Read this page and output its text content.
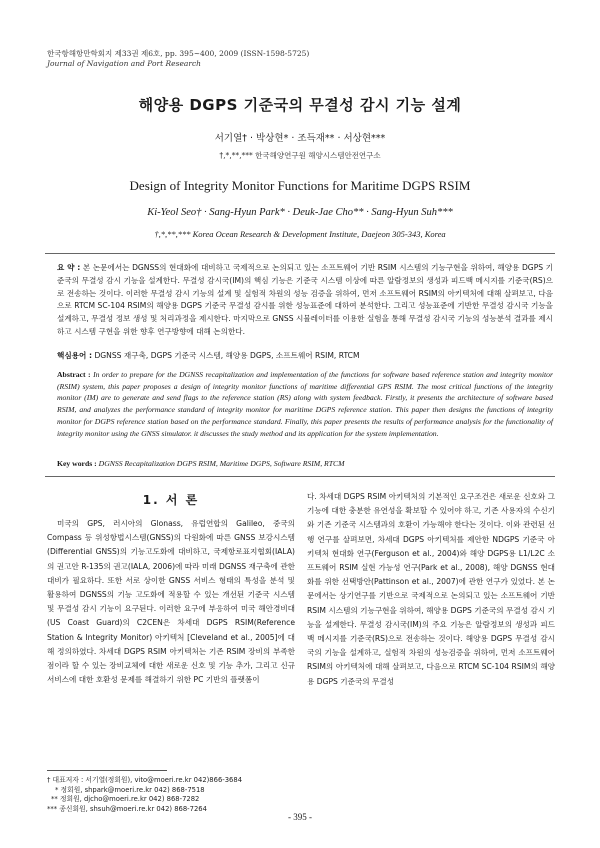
한국항해항만학회지 제33권 제6호, pp. 395~400, 2009 (ISSN-1598-5725)
Journal of Navigation and Port Research
해양용 DGPS 기준국의 무결성 감시 기능 설계
서기열† · 박상현* · 조득재** · 서상현***
†,*,**,*** 한국해양연구원 해양시스템안전연구소
Design of Integrity Monitor Functions for Maritime DGPS RSIM
Ki-Yeol Seo† · Sang-Hyun Park* · Deuk-Jae Cho** · Sang-Hyun Suh***
†,*,**,*** Korea Ocean Research & Development Institute, Daejeon 305-343, Korea
요 약 : 본 논문에서는 DGNSS의 현대화에 대비하고 국제적으로 논의되고 있는 소프트웨어 기반 RSIM 시스템의 기능구현을 위하여, 해양용 DGPS 기준국의 무결성 감시 기능을 설계한다. 무결성 감시국(IM)의 핵심 기능은 기준국 시스템 이상에 따른 알람정보의 생성과 피드백 메시지를 기준국(RS)으로 전송하는 것이다. 이러한 무결성 감시 기능의 설계 및 실험적 차원의 성능 검증을 위하여, 먼저 소프트웨어 RSIM의 아키텍처에 대해 살펴보고, 다음으로 RTCM SC-104 RSIM의 해양용 DGPS 기준국 무결성 감시를 위한 성능표준에 대하여 분석한다. 그리고 성능표준에 기반한 무결성 감시국 기능을 설계하고, 무결성 정보 생성 및 처리과정을 제시한다. 마지막으로 GNSS 시뮬레이터를 이용한 실험을 통해 무결성 감시국 기능의 성능분석 결과를 제시하고 시스템 구현을 위한 향후 연구방향에 대해 논의한다.
핵심용어 : DGNSS 재구축, DGPS 기준국 시스템, 해양용 DGPS, 소프트웨어 RSIM, RTCM
Abstract : In order to prepare for the DGNSS recapitalization and implementation of the functions for software based reference station and integrity monitor (RSIM) system, this paper proposes a design of integrity monitor functions of maritime differential GPS RSIM. The most critical functions of the integrity monitor (IM) are to generate and send flags to the reference station (RS) along with system feedback. Firstly, it presents the architecture of software based RSIM, and analyzes the performance standard of integrity monitor for maritime DGPS reference station. This paper then designs the functions of integrity monitor for DGPS reference station based on the performance standard. Finally, this paper presents the results of performance analysis for the functionality of integrity monitor using the GNSS simulator. it discusses the study method and its application for the system implementation.
Key words : DGNSS Recapitalization DGPS RSIM, Maritime DGPS, Software RSIM, RTCM
1. 서 론

미국의 GPS, 러시아의 Glonass, 유럽연합의 Galileo, 중국의 Compass 등 위성항법시스템(GNSS)의 다원화에 따른 GNSS 보강시스템(Differential GNSS)의 기능고도화에 대비하고, 국제항로표지협회(IALA)의 권고안 R-135의 권고(IALA, 2006)에 따라 미래 DGNSS 재구축에 관한 대비가 필요하다. 또한 서로 상이한 GNSS 서비스 형태의 특성을 분석 및 활용하여 DGNSS의 기능 고도화에 적용할 수 있는 개선된 기준국 시스템 및 무결성 감시 기능이 요구된다. 이러한 요구에 부응하여 미국 해안경비대(US Coast Guard)의 C2CEN은 차세대 DGPS RSIM(Reference Station & Integrity Monitor) 아키텍처 [Cleveland et al., 2005]에 대해 정의하였다. 차세대 DGPS RSIM 아키텍처는 기존 RSIM 장비의 부족한 점이라 할 수 있는 장비교체에 대한 새로운 신호 및 기능 추가, 그리고 신규 서비스에 대한 호환성 문제를 해결하기 위한 PC 기반의 플랫폼이

다. 차세대 DGPS RSIM 아키텍처의 기본적인 요구조건은 새로운 신호와 그 기능에 대한 충분한 유연성을 확보할 수 있어야 하고, 기존 사용자의 수신기와 기존 기준국 시스템과의 호환이 가능해야 한다는 것이다. 이와 관련된 선행 연구를 살펴보면, 차세대 DGPS 아키텍처를 제안한 NDGPS 기준국 아키텍처 현대화 연구(Ferguson et al., 2004)와 해양 DGPS용 L1/L2C 소프트웨어 RSIM 실현 가능성 연구(Park et al., 2008), 해양 DGNSS 현대화를 위한 선택방안(Pattinson et al., 2007)에 관한 연구가 있었다. 본 논문에서는 상기연구를 기반으로 국제적으로 논의되고 있는 소프트웨어 기반 RSIM 시스템의 기능구현을 위하여, 해양용 DGPS 기준국의 무결성 감시 기능을 설계한다. 무결성 감시국(IM)의 주요 기능은 알람정보의 생성과 피드백 메시지를 기준국(RS)으로 전송하는 것이다. 해양용 DGPS 무결성 감시국의 기능을 설계하고, 실험적 차원의 성능검증을 위하여, 먼저 소프트웨어 RSIM의 아키텍처에 대해 살펴보고, 다음으로 RTCM SC-104 RSIM의 해양용 DGPS 기준국의 무결성

† 대표저자 : 서기열(정회원), vito@moeri.re.kr 042)866-3684
* 정회원, shpark@moeri.re.kr 042) 868-7518
** 정회원, djcho@moeri.re.kr 042) 868-7282
*** 종신회원, shsuh@moeri.re.kr 042) 868-7264
- 395 -
